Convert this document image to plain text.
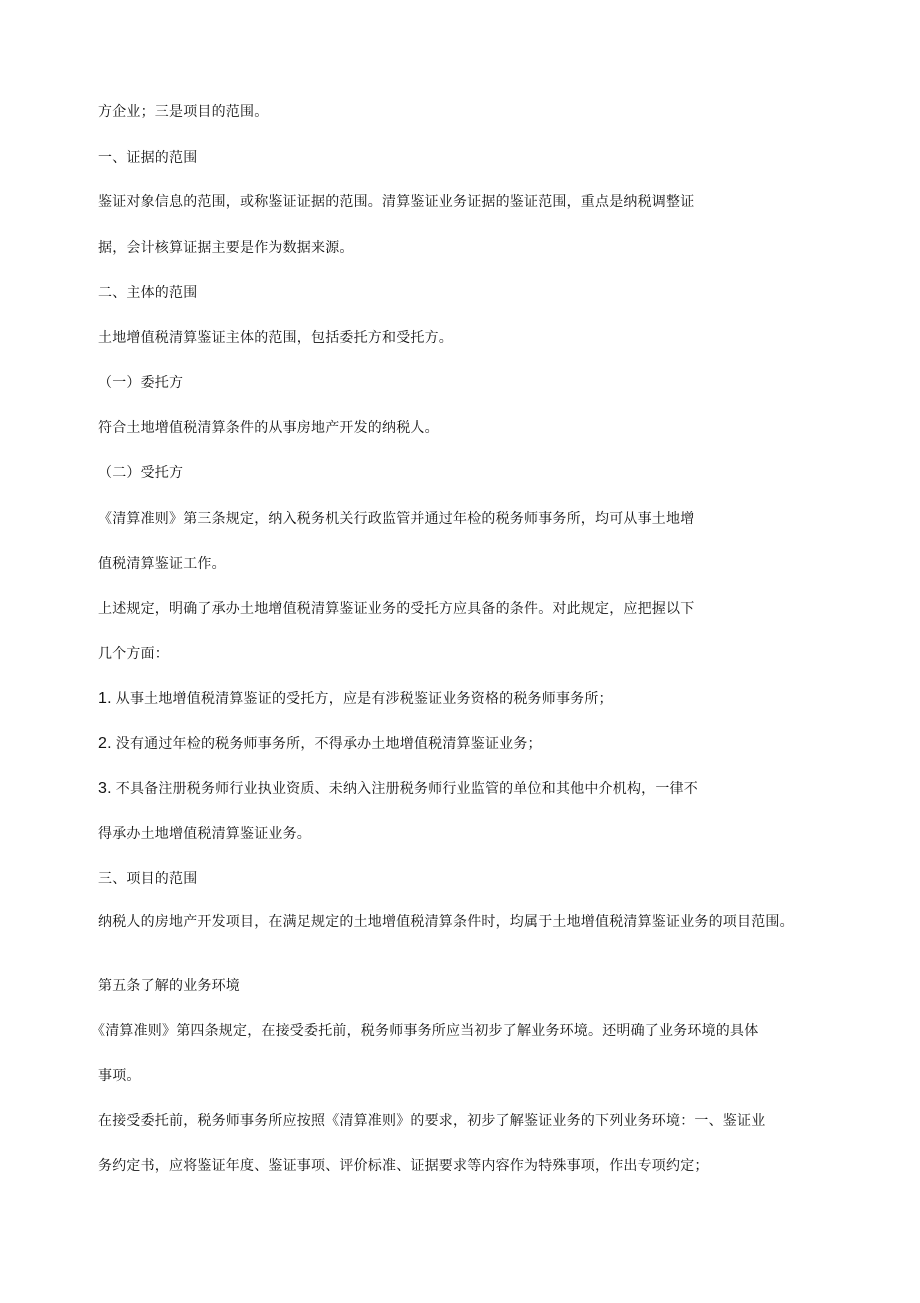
方企业；三是项目的范围。
一、证据的范围
鉴证对象信息的范围，或称鉴证证据的范围。清算鉴证业务证据的鉴证范围，重点是纳税调整证
据，会计核算证据主要是作为数据来源。
二、主体的范围
土地增值税清算鉴证主体的范围，包括委托方和受托方。
（一）委托方
符合土地增值税清算条件的从事房地产开发的纳税人。
（二）受托方
《清算准则》第三条规定，纳入税务机关行政监管并通过年检的税务师事务所，均可从事土地增
值税清算鉴证工作。
上述规定，明确了承办土地增值税清算鉴证业务的受托方应具备的条件。对此规定，应把握以下
几个方面：
1. 从事土地增值税清算鉴证的受托方，应是有涉税鉴证业务资格的税务师事务所；
2. 没有通过年检的税务师事务所，不得承办土地增值税清算鉴证业务；
3. 不具备注册税务师行业执业资质、未纳入注册税务师行业监管的单位和其他中介机构，一律不
得承办土地增值税清算鉴证业务。
三、项目的范围
纳税人的房地产开发项目，在满足规定的土地增值税清算条件时，均属于土地增值税清算鉴证业务的项目范围。
第五条了解的业务环境
《清算准则》第四条规定，在接受委托前，税务师事务所应当初步了解业务环境。还明确了业务环境的具体
事项。
在接受委托前，税务师事务所应按照《清算准则》的要求，初步了解鉴证业务的下列业务环境：一、鉴证业
务约定书，应将鉴证年度、鉴证事项、评价标准、证据要求等内容作为特殊事项，作出专项约定；
